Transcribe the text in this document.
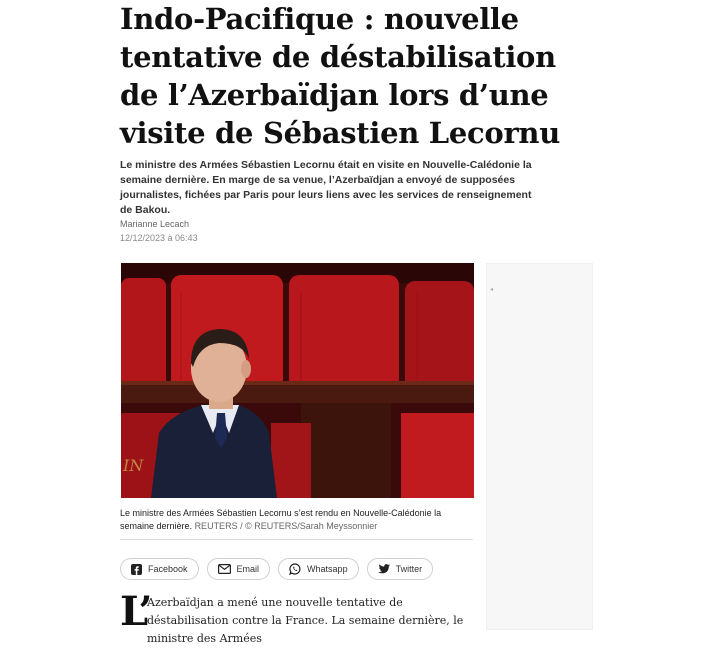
Indo-Pacifique : nouvelle tentative de déstabilisation de l’Azerbaïdjan lors d’une visite de Sébastien Lecornu

Le ministre des Armées Sébastien Lecornu était en visite en Nouvelle-Calédonie la semaine dernière. En marge de sa venue, l’Azerbaïdjan a envoyé de supposées journalistes, fichées par Paris pour leurs liens avec les services de renseignement de Bakou.

Marianne Lecach
12/12/2023 à 06:43
IN

Le ministre des Armées Sébastien Lecornu s’est rendu en Nouvelle-Calédonie la semaine dernière. REUTERS / © REUTERS/Sarah Meyssonnier

Facebook	Email	Whatsapp	Twitter
L’

Azerbaïdjan a mené une nouvelle tentative de déstabilisation contre la France. La semaine dernière, le ministre des Armées

◂
